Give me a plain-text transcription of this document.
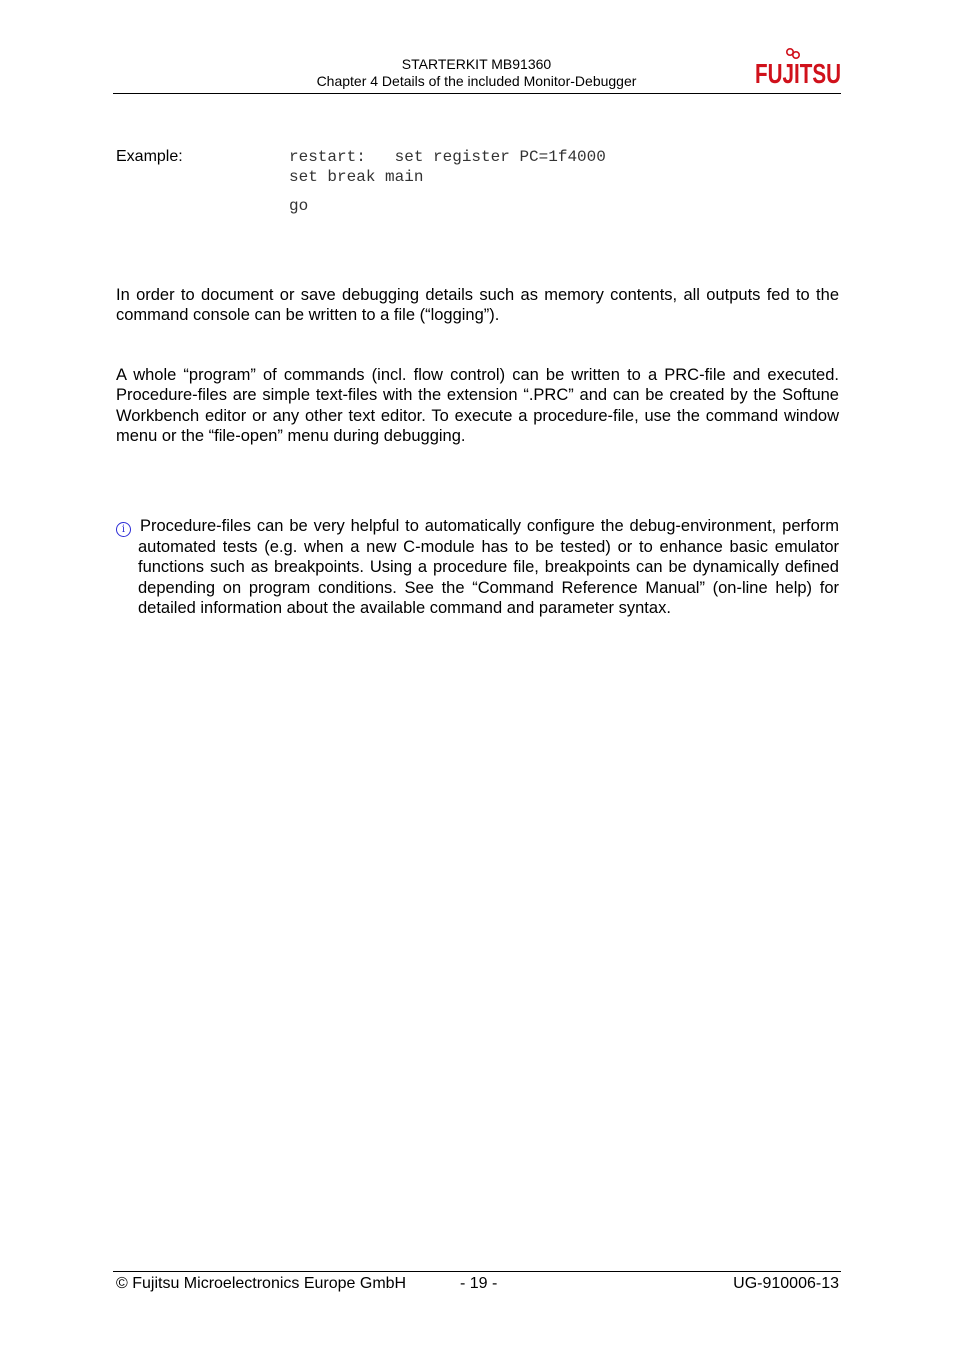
STARTERKIT MB91360
Chapter 4 Details of the included Monitor-Debugger	FUJITSU
Example:	restart:   set register PC=1f4000
set break main
go

In order to document or save debugging details such as memory contents, all outputs fed to the command console can be written to a file (“logging”).

A whole “program” of commands (incl. flow control) can be written to a PRC-file and executed. Procedure-files are simple text-files with the extension “.PRC” and can be created by the Softune Workbench editor or any other text editor. To execute a procedure-file, use the command window menu or the “file-open” menu during debugging.

i Procedure-files can be very helpful to automatically configure the debug-environment, perform automated tests (e.g. when a new C-module has to be tested) or to enhance basic emulator functions such as breakpoints. Using a procedure file, breakpoints can be dynamically defined depending on program conditions. See the “Command Reference Manual” (on-line help) for detailed information about the available command and parameter syntax.

© Fujitsu Microelectronics Europe GmbH	- 19 -	UG-910006-13
